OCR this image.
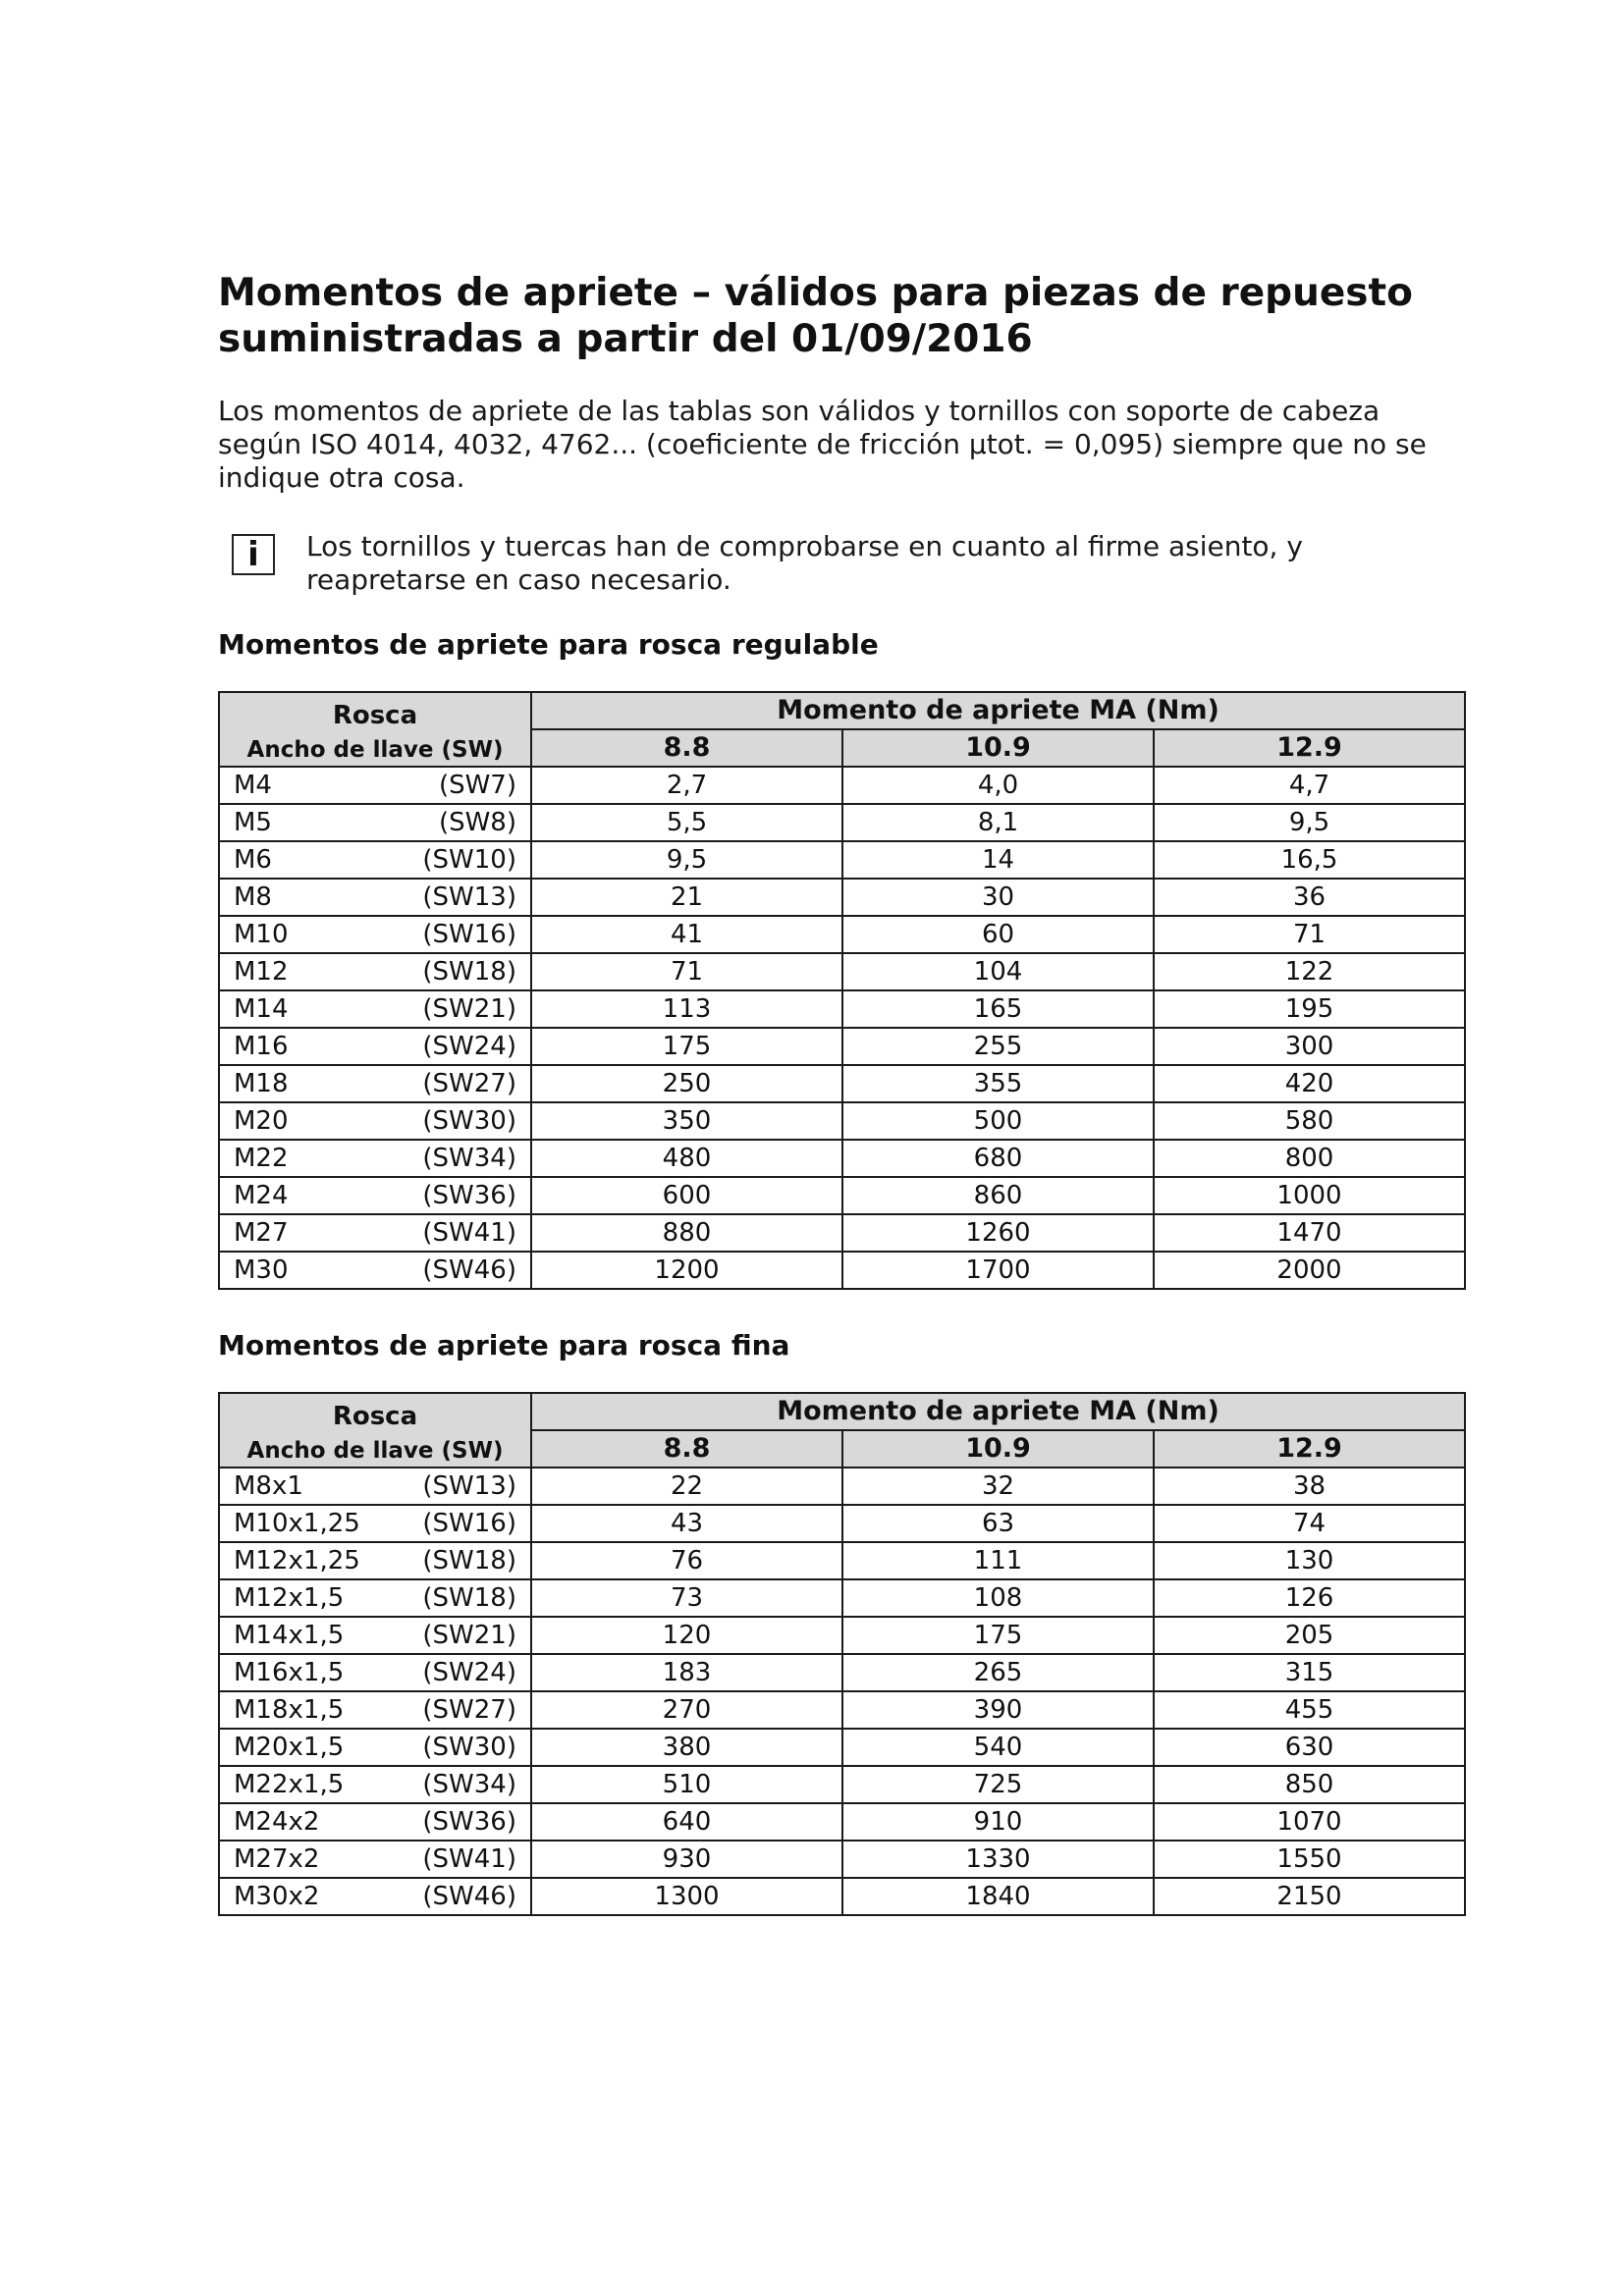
Momentos de apriete – válidos para piezas de repuesto suministradas a partir del 01/09/2016

Los momentos de apriete de las tablas son válidos y tornillos con soporte de cabeza según ISO 4014, 4032, 4762... (coeficiente de fricción µtot. = 0,095) siempre que no se indique otra cosa.

i	Los tornillos y tuercas han de comprobarse en cuanto al firme asiento, y reapretarse en caso necesario.
Momentos de apriete para rosca regulable
Rosca
Ancho de llave (SW)	Momento de apriete MA (Nm)		
	8.8	10.9	12.9

M4 (SW7)	2,7	4,0	4,7

M5 (SW8)	5,5	8,1	9,5

M6 (SW10)	9,5	14	16,5

M8 (SW13)	21	30	36

M10 (SW16)	41	60	71

M12 (SW18)	71	104	122

M14 (SW21)	113	165	195

M16 (SW24)	175	255	300

M18 (SW27)	250	355	420

M20 (SW30)	350	500	580

M22 (SW34)	480	680	800

M24 (SW36)	600	860	1000

M27 (SW41)	880	1260	1470

M30 (SW46)	1200	1700	2000
Momentos de apriete para rosca fina
Rosca
Ancho de llave (SW)	Momento de apriete MA (Nm)		
	8.8	10.9	12.9

M8x1 (SW13)	22	32	38

M10x1,25 (SW16)	43	63	74

M12x1,25 (SW18)	76	111	130

M12x1,5 (SW18)	73	108	126

M14x1,5 (SW21)	120	175	205

M16x1,5 (SW24)	183	265	315

M18x1,5 (SW27)	270	390	455

M20x1,5 (SW30)	380	540	630

M22x1,5 (SW34)	510	725	850

M24x2 (SW36)	640	910	1070

M27x2 (SW41)	930	1330	1550

M30x2 (SW46)	1300	1840	2150
